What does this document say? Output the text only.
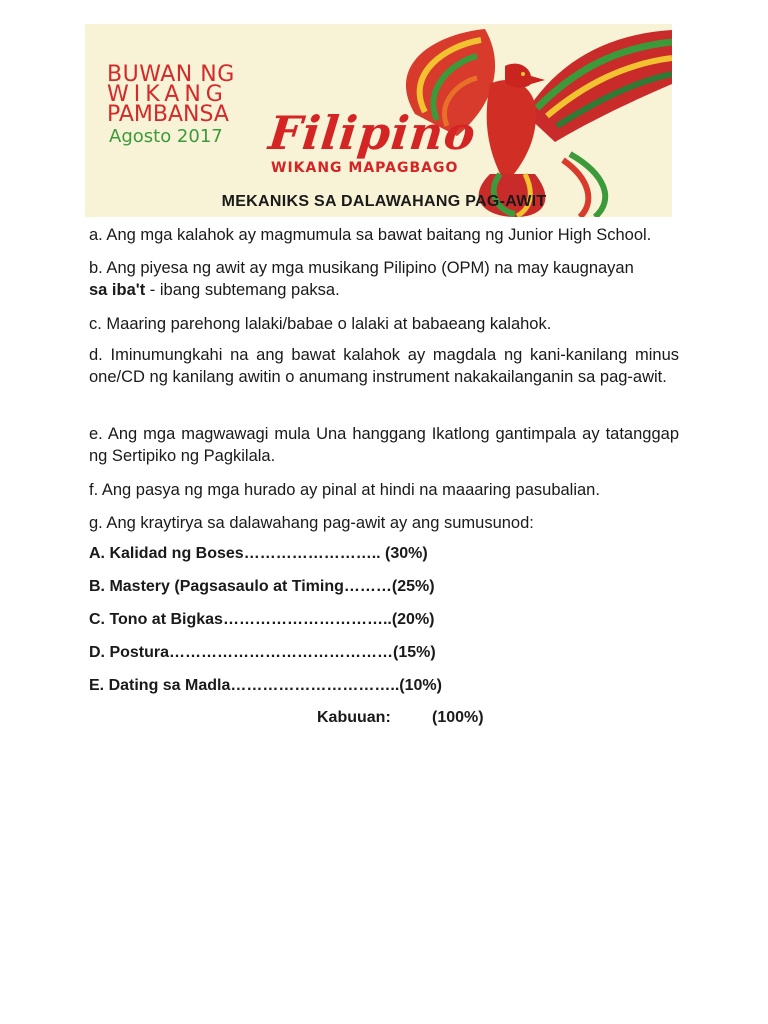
BUWAN NG
WIKANG
PAMBANSA
Agosto 2017 Filipino
WIKANG MAPAGBAGO
MEKANIKS SA DALAWAHANG PAG-AWIT

a. Ang mga kalahok ay magmumula sa bawat baitang ng Junior High School.

b. Ang piyesa ng awit ay mga musikang Pilipino (OPM) na may kaugnayan
sa iba't - ibang subtemang paksa.

c. Maaring parehong lalaki/babae o lalaki at babaeang kalahok.

d. Iminumungkahi na ang bawat kalahok ay magdala ng kani-kanilang minus one/CD ng kanilang awitin o anumang instrument nakakailanganin sa pag-awit.

e. Ang mga magwawagi mula Una hanggang Ikatlong gantimpala ay tatanggap ng Sertipiko ng Pagkilala.

f. Ang pasya ng mga hurado ay pinal at hindi na maaaring pasubalian.

g. Ang kraytirya sa dalawahang pag-awit ay ang sumusunod:

A. Kalidad ng Boses…………………….. (30%)
B. Mastery (Pagsasaulo at Timing………(25%)
C. Tono at Bigkas…………………………..(20%)
D. Postura……………………………………(15%)
E. Dating sa Madla…………………………..(10%)
Kabuuan:	(100%)
